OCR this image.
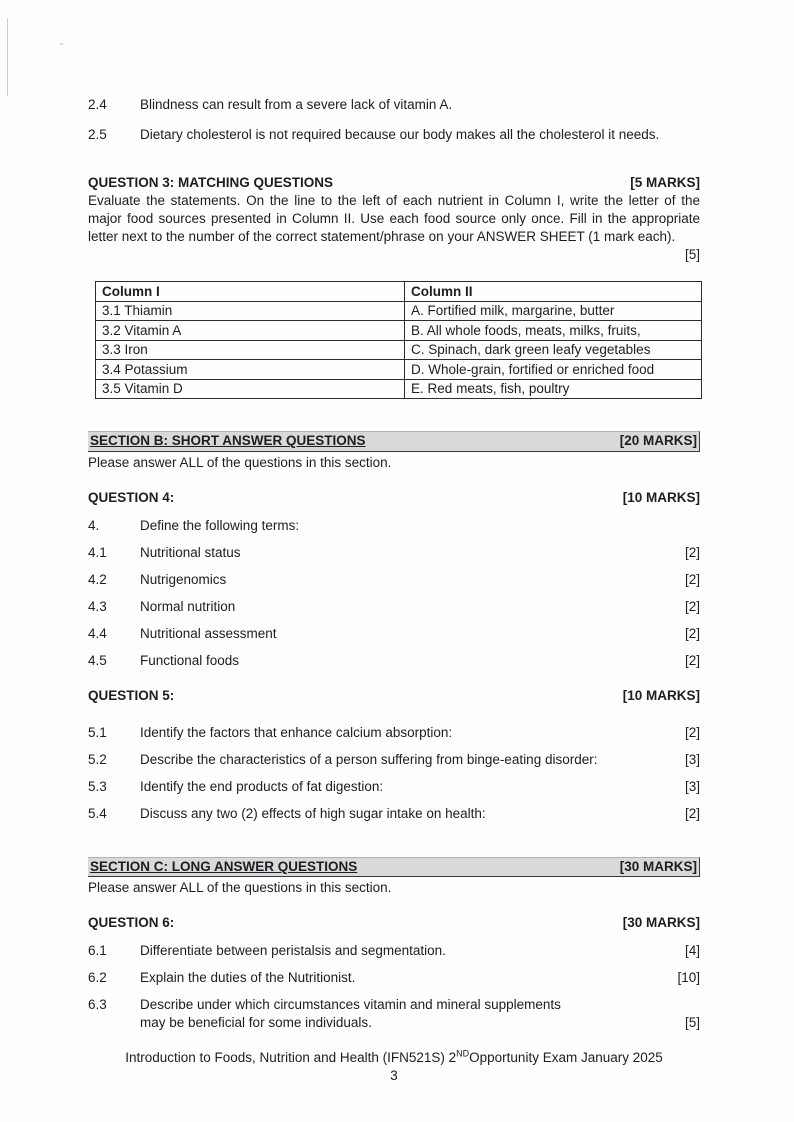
2.4	Blindness can result from a severe lack of vitamin A.
2.5	Dietary cholesterol is not required because our body makes all the cholesterol it needs.
QUESTION 3: MATCHING QUESTIONS	[5 MARKS]

Evaluate the statements. On the line to the left of each nutrient in Column I, write the letter of the major food sources presented in Column II. Use each food source only once. Fill in the appropriate letter next to the number of the correct statement/phrase on your ANSWER SHEET (1 mark each).

[5]
Column I	Column II
3.1 Thiamin	A. Fortified milk, margarine, butter
3.2 Vitamin A	B. All whole foods, meats, milks, fruits,
3.3 Iron	C. Spinach, dark green leafy vegetables
3.4 Potassium	D. Whole-grain, fortified or enriched food
3.5 Vitamin D	E. Red meats, fish, poultry
SECTION B: SHORT ANSWER QUESTIONS	[20 MARKS]

Please answer ALL of the questions in this section.

QUESTION 4:	[10 MARKS]
4.	Define the following terms:
4.1	Nutritional status	[2]
4.2	Nutrigenomics	[2]
4.3	Normal nutrition	[2]
4.4	Nutritional assessment	[2]
4.5	Functional foods	[2]
QUESTION 5:	[10 MARKS]
5.1	Identify the factors that enhance calcium absorption:	[2]
5.2	Describe the characteristics of a person suffering from binge-eating disorder:	[3]
5.3	Identify the end products of fat digestion:	[3]
5.4	Discuss any two (2) effects of high sugar intake on health:	[2]
SECTION C: LONG ANSWER QUESTIONS	[30 MARKS]

Please answer ALL of the questions in this section.

QUESTION 6:	[30 MARKS]
6.1	Differentiate between peristalsis and segmentation.	[4]
6.2	Explain the duties of the Nutritionist.	[10]
6.3	Describe under which circumstances vitamin and mineral supplements
may be beneficial for some individuals.	[5]
Introduction to Foods, Nutrition and Health (IFN521S) 2NDOpportunity Exam January 2025
3
